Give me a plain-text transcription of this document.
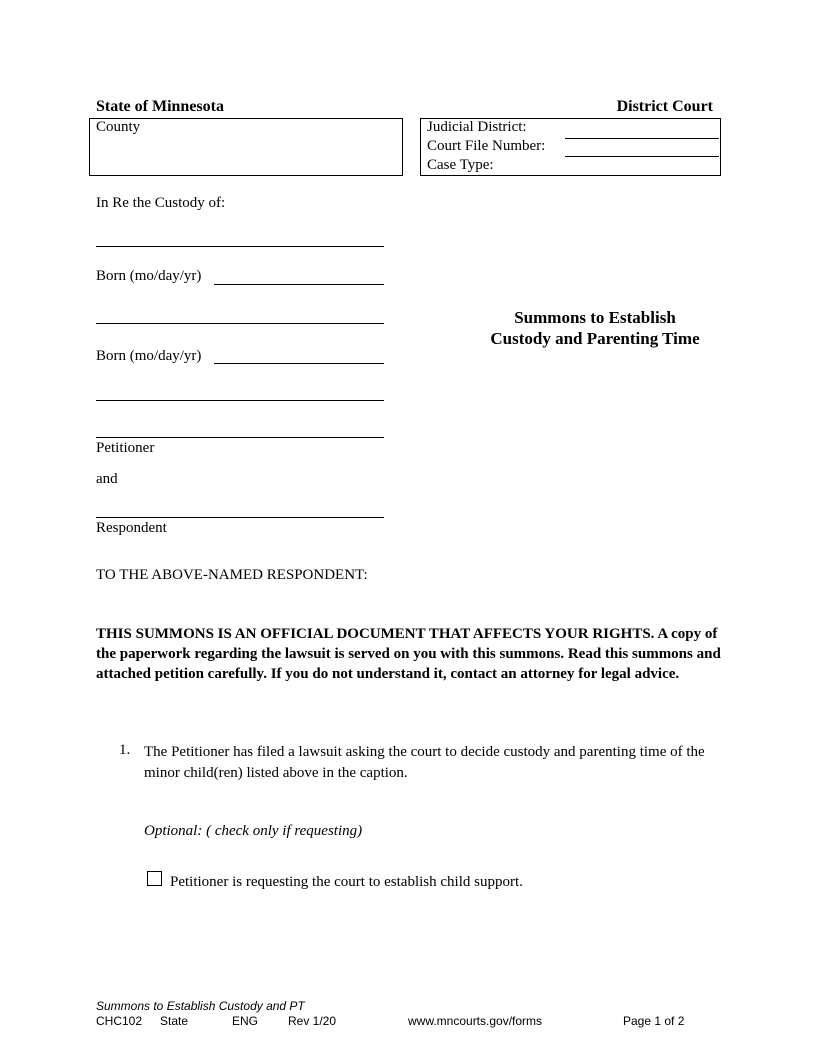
State of Minnesota	District Court
County	Judicial District:
Court File Number:
Case Type:
In Re the Custody of:
Born (mo/day/yr)
Born (mo/day/yr)
Petitioner
and
Respondent
Summons to Establish
Custody and Parenting Time
TO THE ABOVE-NAMED RESPONDENT:
THIS SUMMONS IS AN OFFICIAL DOCUMENT THAT AFFECTS YOUR RIGHTS. A copy of the paperwork regarding the lawsuit is served on you with this summons. Read this summons and attached petition carefully. If you do not understand it, contact an attorney for legal advice.
1. The Petitioner has filed a lawsuit asking the court to decide custody and parenting time of the minor child(ren) listed above in the caption.
Optional: ( check only if requesting)
Petitioner is requesting the court to establish child support.
Summons to Establish Custody and PT
CHC102 State	ENG Rev 1/20	www.mncourts.gov/forms	Page 1 of 2
